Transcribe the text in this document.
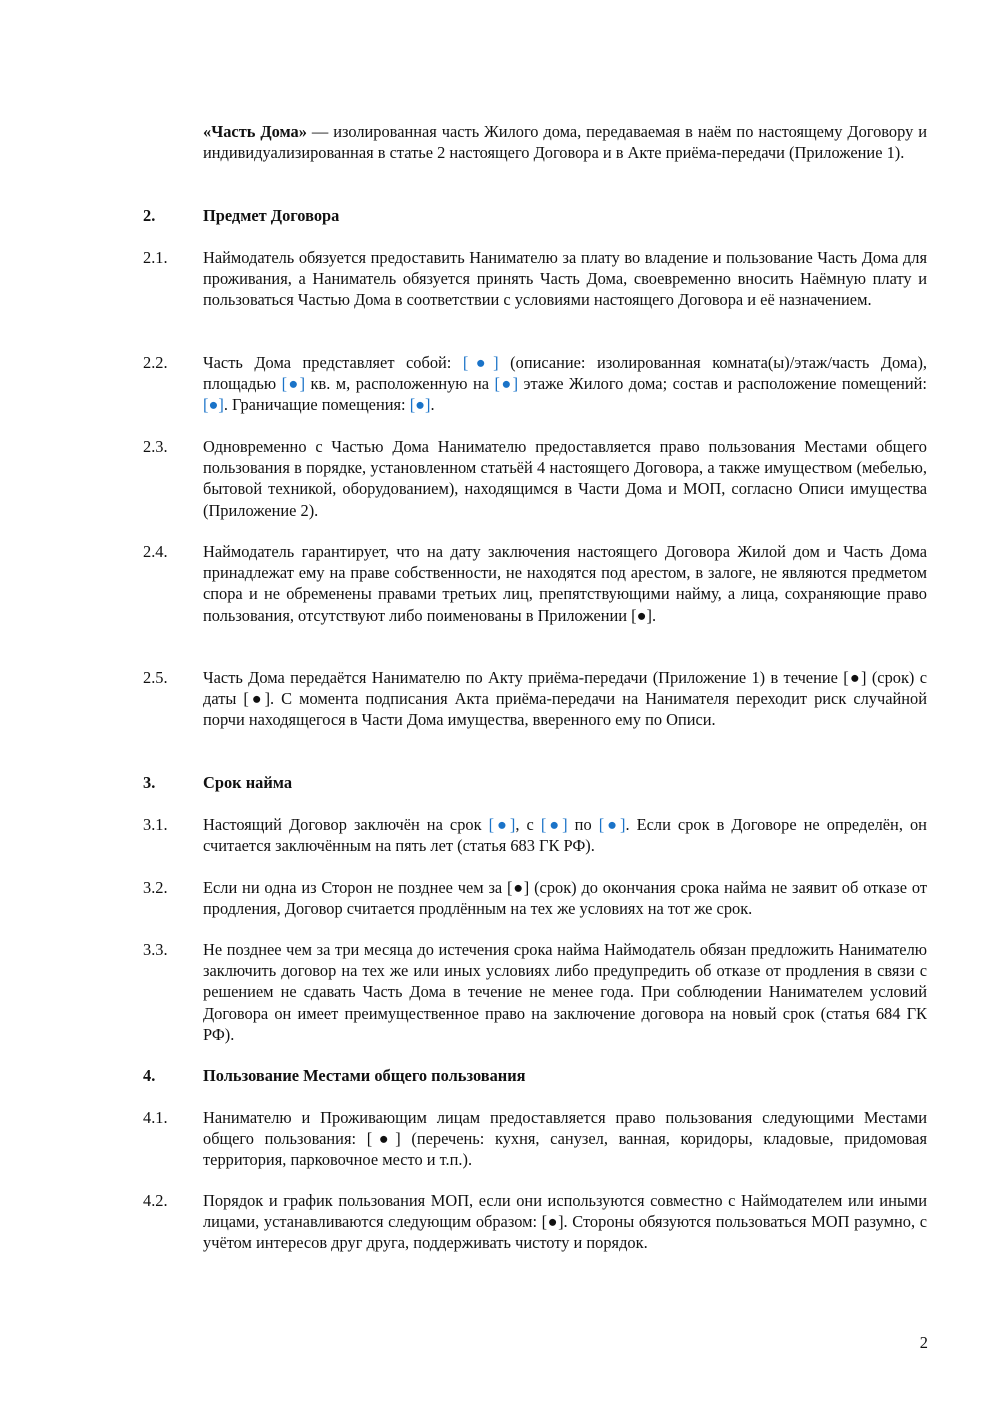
«Часть Дома» — изолированная часть Жилого дома, передаваемая в наём по настоящему Договору и индивидуализированная в статье 2 настоящего Договора и в Акте приёма-передачи (Приложение 1).
2.	Предмет Договора
2.1.	Наймодатель обязуется предоставить Нанимателю за плату во владение и пользование Часть Дома для проживания, а Наниматель обязуется принять Часть Дома, своевременно вносить Наёмную плату и пользоваться Частью Дома в соответствии с условиями настоящего Договора и её назначением.
2.2.	Часть Дома представляет собой: [●] (описание: изолированная комната(ы)/этаж/часть Дома), площадью [●] кв. м, расположенную на [●] этаже Жилого дома; состав и расположение помещений: [●]. Граничащие помещения: [●].
2.3.	Одновременно с Частью Дома Нанимателю предоставляется право пользования Местами общего пользования в порядке, установленном статьёй 4 настоящего Договора, а также имуществом (мебелью, бытовой техникой, оборудованием), находящимся в Части Дома и МОП, согласно Описи имущества (Приложение 2).
2.4.	Наймодатель гарантирует, что на дату заключения настоящего Договора Жилой дом и Часть Дома принадлежат ему на праве собственности, не находятся под арестом, в залоге, не являются предметом спора и не обременены правами третьих лиц, препятствующими найму, а лица, сохраняющие право пользования, отсутствуют либо поименованы в Приложении [●].
2.5.	Часть Дома передаётся Нанимателю по Акту приёма-передачи (Приложение 1) в течение [●] (срок) с даты [●]. С момента подписания Акта приёма-передачи на Нанимателя переходит риск случайной порчи находящегося в Части Дома имущества, вверенного ему по Описи.
3.	Срок найма
3.1.	Настоящий Договор заключён на срок [●], с [●] по [●]. Если срок в Договоре не определён, он считается заключённым на пять лет (статья 683 ГК РФ).
3.2.	Если ни одна из Сторон не позднее чем за [●] (срок) до окончания срока найма не заявит об отказе от продления, Договор считается продлённым на тех же условиях на тот же срок.
3.3.	Не позднее чем за три месяца до истечения срока найма Наймодатель обязан предложить Нанимателю заключить договор на тех же или иных условиях либо предупредить об отказе от продления в связи с решением не сдавать Часть Дома в течение не менее года. При соблюдении Нанимателем условий Договора он имеет преимущественное право на заключение договора на новый срок (статья 684 ГК РФ).
4.	Пользование Местами общего пользования
4.1.	Нанимателю и Проживающим лицам предоставляется право пользования следующими Местами общего пользования: [●] (перечень: кухня, санузел, ванная, коридоры, кладовые, придомовая территория, парковочное место и т.п.).
4.2.	Порядок и график пользования МОП, если они используются совместно с Наймодателем или иными лицами, устанавливаются следующим образом: [●]. Стороны обязуются пользоваться МОП разумно, с учётом интересов друг друга, поддерживать чистоту и порядок.
2
